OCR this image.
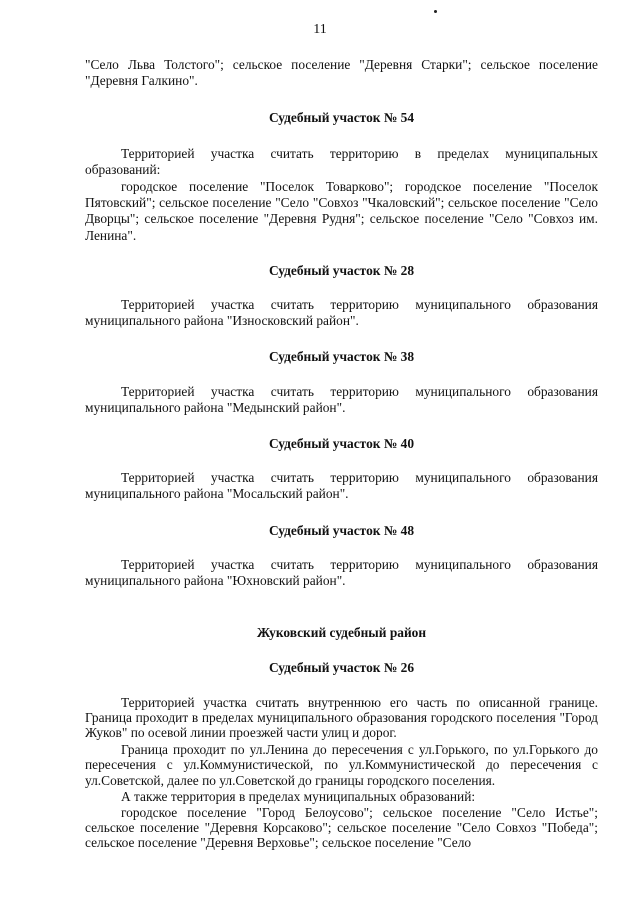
11

"Село Льва Толстого"; сельское поселение "Деревня Старки"; сельское поселение "Деревня Галкино".

Судебный участок № 54

Территорией участка считать территорию в пределах муниципальных образований:

городское поселение "Поселок Товарково"; городское поселение "Поселок Пятовский"; сельское поселение "Село "Совхоз "Чкаловский"; сельское поселение "Село Дворцы"; сельское поселение "Деревня Рудня"; сельское поселение "Село "Совхоз им. Ленина".

Судебный участок № 28

Территорией участка считать территорию муниципального образования муниципального района "Износковский район".

Судебный участок № 38

Территорией участка считать территорию муниципального образования муниципального района "Медынский район".

Судебный участок № 40

Территорией участка считать территорию муниципального образования муниципального района "Мосальский район".

Судебный участок № 48

Территорией участка считать территорию муниципального образования муниципального района "Юхновский район".

Жуковский судебный район

Судебный участок № 26

Территорией участка считать внутреннюю его часть по описанной границе. Граница проходит в пределах муниципального образования городского поселения "Город Жуков" по осевой линии проезжей части улиц и дорог.

Граница проходит по ул.Ленина до пересечения с ул.Горького, по ул.Горького до пересечения с ул.Коммунистической, по ул.Коммунистической до пересечения с ул.Советской, далее по ул.Советской до границы городского поселения.

А также территория в пределах муниципальных образований:

городское поселение "Город Белоусово"; сельское поселение "Село Истье"; сельское поселение "Деревня Корсаково"; сельское поселение "Село Совхоз "Победа"; сельское поселение "Деревня Верховье"; сельское поселение "Село
